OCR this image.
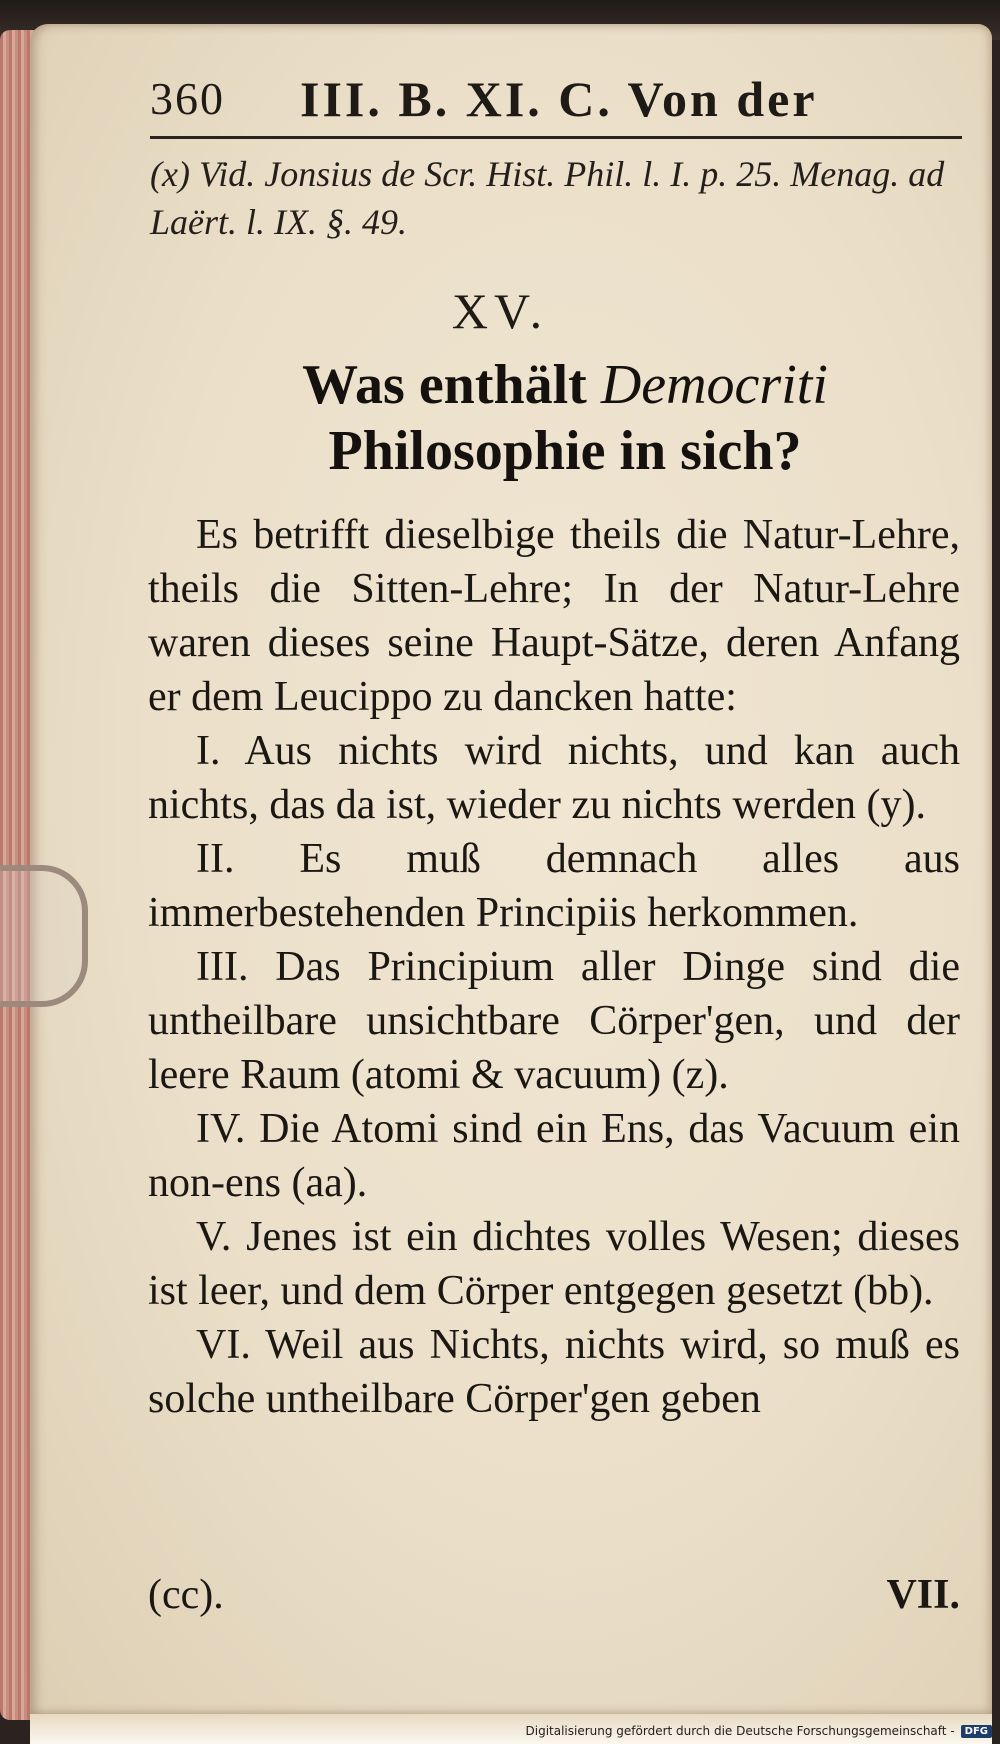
360 III. B. XI. C. Von der
(x) Vid. Jonsius de Scr. Hist. Phil. l. I. p. 25. Menag. ad Laërt. l. IX. §. 49.
XV.
Was enthält Democriti Philosophie in sich?

Es betrifft dieselbige theils die Natur-Lehre, theils die Sitten-Lehre; In der Natur-Lehre waren dieses seine Haupt-Sätze, deren Anfang er dem Leucippo zu dancken hatte:

I. Aus nichts wird nichts, und kan auch nichts, das da ist, wieder zu nichts werden (y).

II. Es muß demnach alles aus immerbestehenden Principiis herkommen.

III. Das Principium aller Dinge sind die untheilbare unsichtbare Cörper'gen, und der leere Raum (atomi & vacuum) (z).

IV. Die Atomi sind ein Ens, das Vacuum ein non-ens (aa).

V. Jenes ist ein dichtes volles Wesen; dieses ist leer, und dem Cörper entgegen gesetzt (bb).

VI. Weil aus Nichts, nichts wird, so muß es solche untheilbare Cörper'gen geben

(cc).	VII.
Digitalisierung gefördert durch die Deutsche Forschungsgemeinschaft -	DFG
